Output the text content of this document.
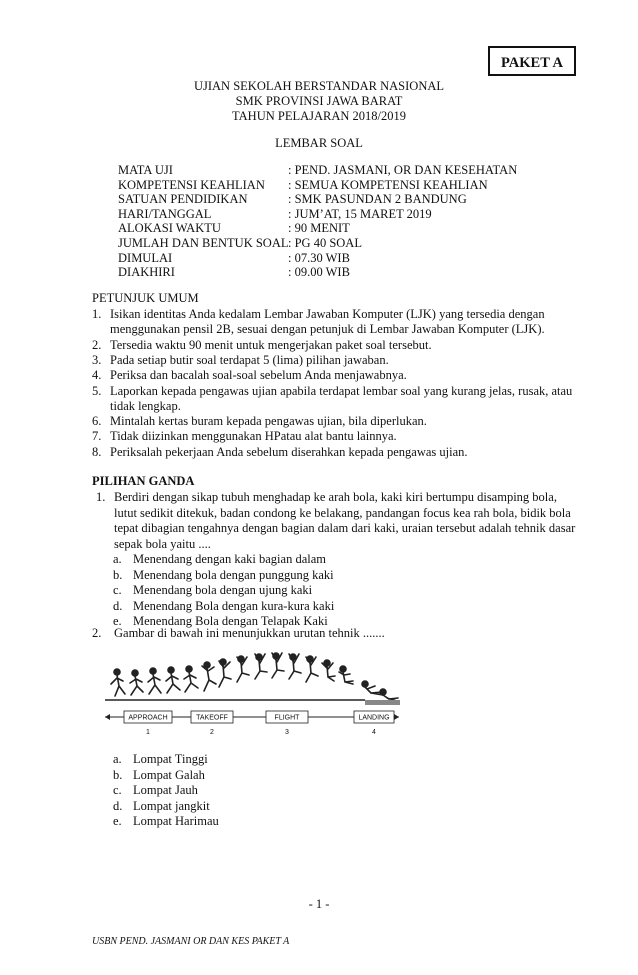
PAKET A
UJIAN SEKOLAH BERSTANDAR NASIONAL
SMK PROVINSI JAWA BARAT
TAHUN PELAJARAN 2018/2019
LEMBAR SOAL
MATA UJI	: PEND. JASMANI, OR DAN KESEHATAN
KOMPETENSI KEAHLIAN : SEMUA KOMPETENSI KEAHLIAN
SATUAN PENDIDIKAN	: SMK PASUNDAN 2 BANDUNG
HARI/TANGGAL	: JUM’AT, 15 MARET 2019
ALOKASI WAKTU	: 90 MENIT
JUMLAH DAN BENTUK SOAL : PG 40 SOAL
DIMULAI	: 07.30 WIB
DIAKHIRI	: 09.00 WIB
PETUNJUK UMUM
1. Isikan identitas Anda kedalam Lembar Jawaban Komputer (LJK) yang tersedia dengan
menggunakan pensil 2B, sesuai dengan petunjuk di Lembar Jawaban Komputer (LJK).
2. Tersedia waktu 90 menit untuk mengerjakan paket soal tersebut.
3. Pada setiap butir soal terdapat 5 (lima) pilihan jawaban.
4. Periksa dan bacalah soal-soal sebelum Anda menjawabnya.
5. Laporkan kepada pengawas ujian apabila terdapat lembar soal yang kurang jelas, rusak, atau
tidak lengkap.
6. Mintalah kertas buram kepada pengawas ujian, bila diperlukan.
7. Tidak diizinkan menggunakan HPatau alat bantu lainnya.
8. Periksalah pekerjaan Anda sebelum diserahkan kepada pengawas ujian.
PILIHAN GANDA
1. Berdiri dengan sikap tubuh menghadap ke arah bola, kaki kiri bertumpu disamping bola,
lutut sedikit ditekuk, badan condong ke belakang, pandangan focus kea rah bola, bidik bola
tepat dibagian tengahnya dengan bagian dalam dari kaki, uraian tersebut adalah tehnik dasar
sepak bola yaitu ....
a. Menendang dengan kaki bagian dalam
b. Menendang bola dengan punggung kaki
c. Menendang bola dengan ujung kaki
d. Menendang Bola dengan kura-kura kaki
e. Menendang Bola dengan Telapak Kaki
2. Gambar di bawah ini menunjukkan urutan tehnik .......
APPROACH	TAKEOFF	FLIGHT	LANDING
1	2	3	4
a. Lompat Tinggi
b. Lompat Galah
c. Lompat Jauh
d. Lompat jangkit
e. Lompat Harimau
- 1 -
USBN PEND. JASMANI OR DAN KES PAKET A
